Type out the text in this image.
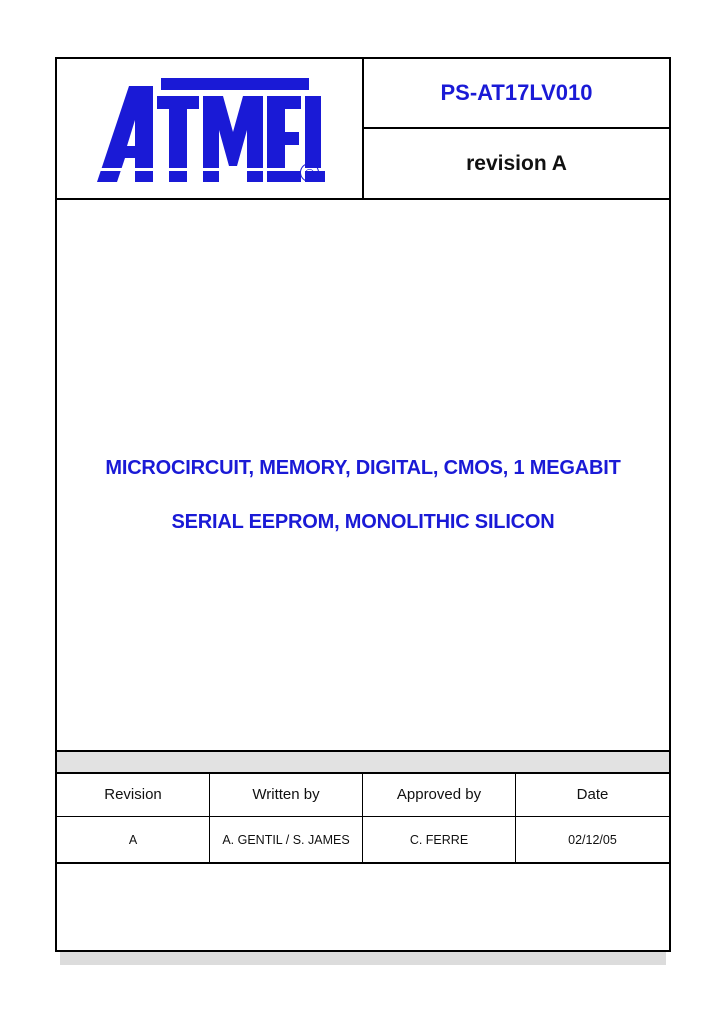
®
PS-AT17LV010
revision A
MICROCIRCUIT, MEMORY, DIGITAL, CMOS, 1 MEGABIT
SERIAL EEPROM, MONOLITHIC SILICON
Revision	Written by	Approved by	Date
A	A. GENTIL / S. JAMES	C. FERRE	02/12/05
